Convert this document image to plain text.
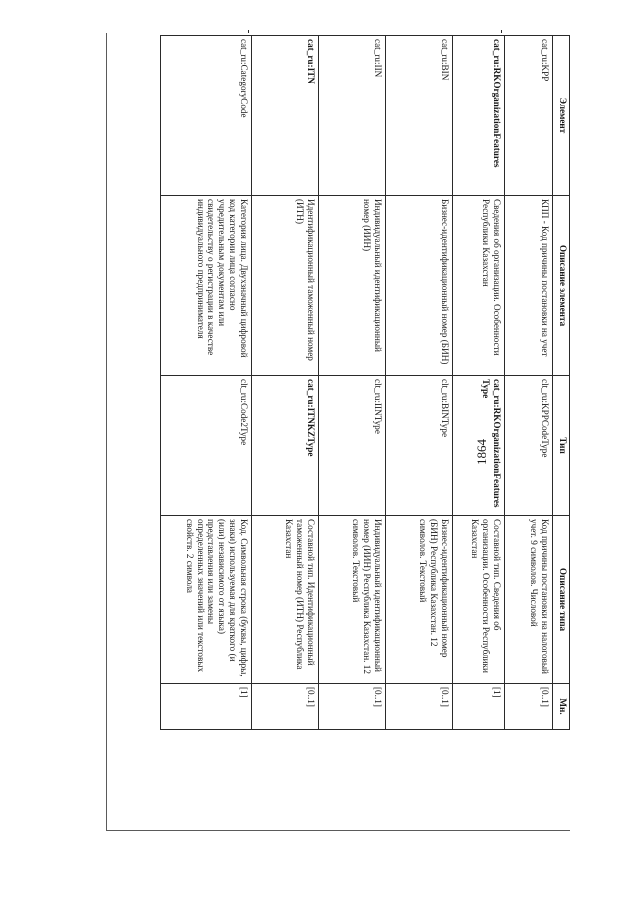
1864
Элемент	Описание элемента	Тип	Описание типа	Мн.
cat_ru:KPP	КПП - Код причины постановки на учет	clt_ru:KPPCodeType	Код причины постановки на налоговый учет. 9 символов. Числовой	[0..1]
cat_ru:RKOrganizationFeatures	Сведения об организации. Особенности Республики Казахстан	cat_ru:RKOrganizationFeaturesType	Составной тип. Сведения об организации. Особенности Республики Казахстан	[1]
cat_ru:BIN	Бизнес-идентификационный номер (БИН)	clt_ru:BINType	Бизнес-идентификационный номер (БИН) Республика Казахстан. 12 символов. Текстовый	[0..1]
cat_ru:IIN	Индивидуальный идентификационный номер (ИИН)	clt_ru:IINType	Индивидуальный идентификационный номер (ИИН) Республика Казахстан. 12 символов. Текстовый	[0..1]
cat_ru:ITN	Идентификационный таможенный номер (ИТН)	cat_ru:ITNKZType	Составной тип. Идентификационный таможенный номер (ИТН) Республика Казахстан	[0..1]
cat_ru:CategoryCode	Категория лица. Двухзначный цифровой код категории лица согласно учредительным документам или свидетельству о регистрации в качестве индивидуального предпринимателя	clt_ru:Code2Type	Код. Символьная строка (буквы, цифры, знаки) используемая для краткого (и (или) независимого от языка) представления или замены определенных значений или текстовых свойств. 2 символа	[1]
